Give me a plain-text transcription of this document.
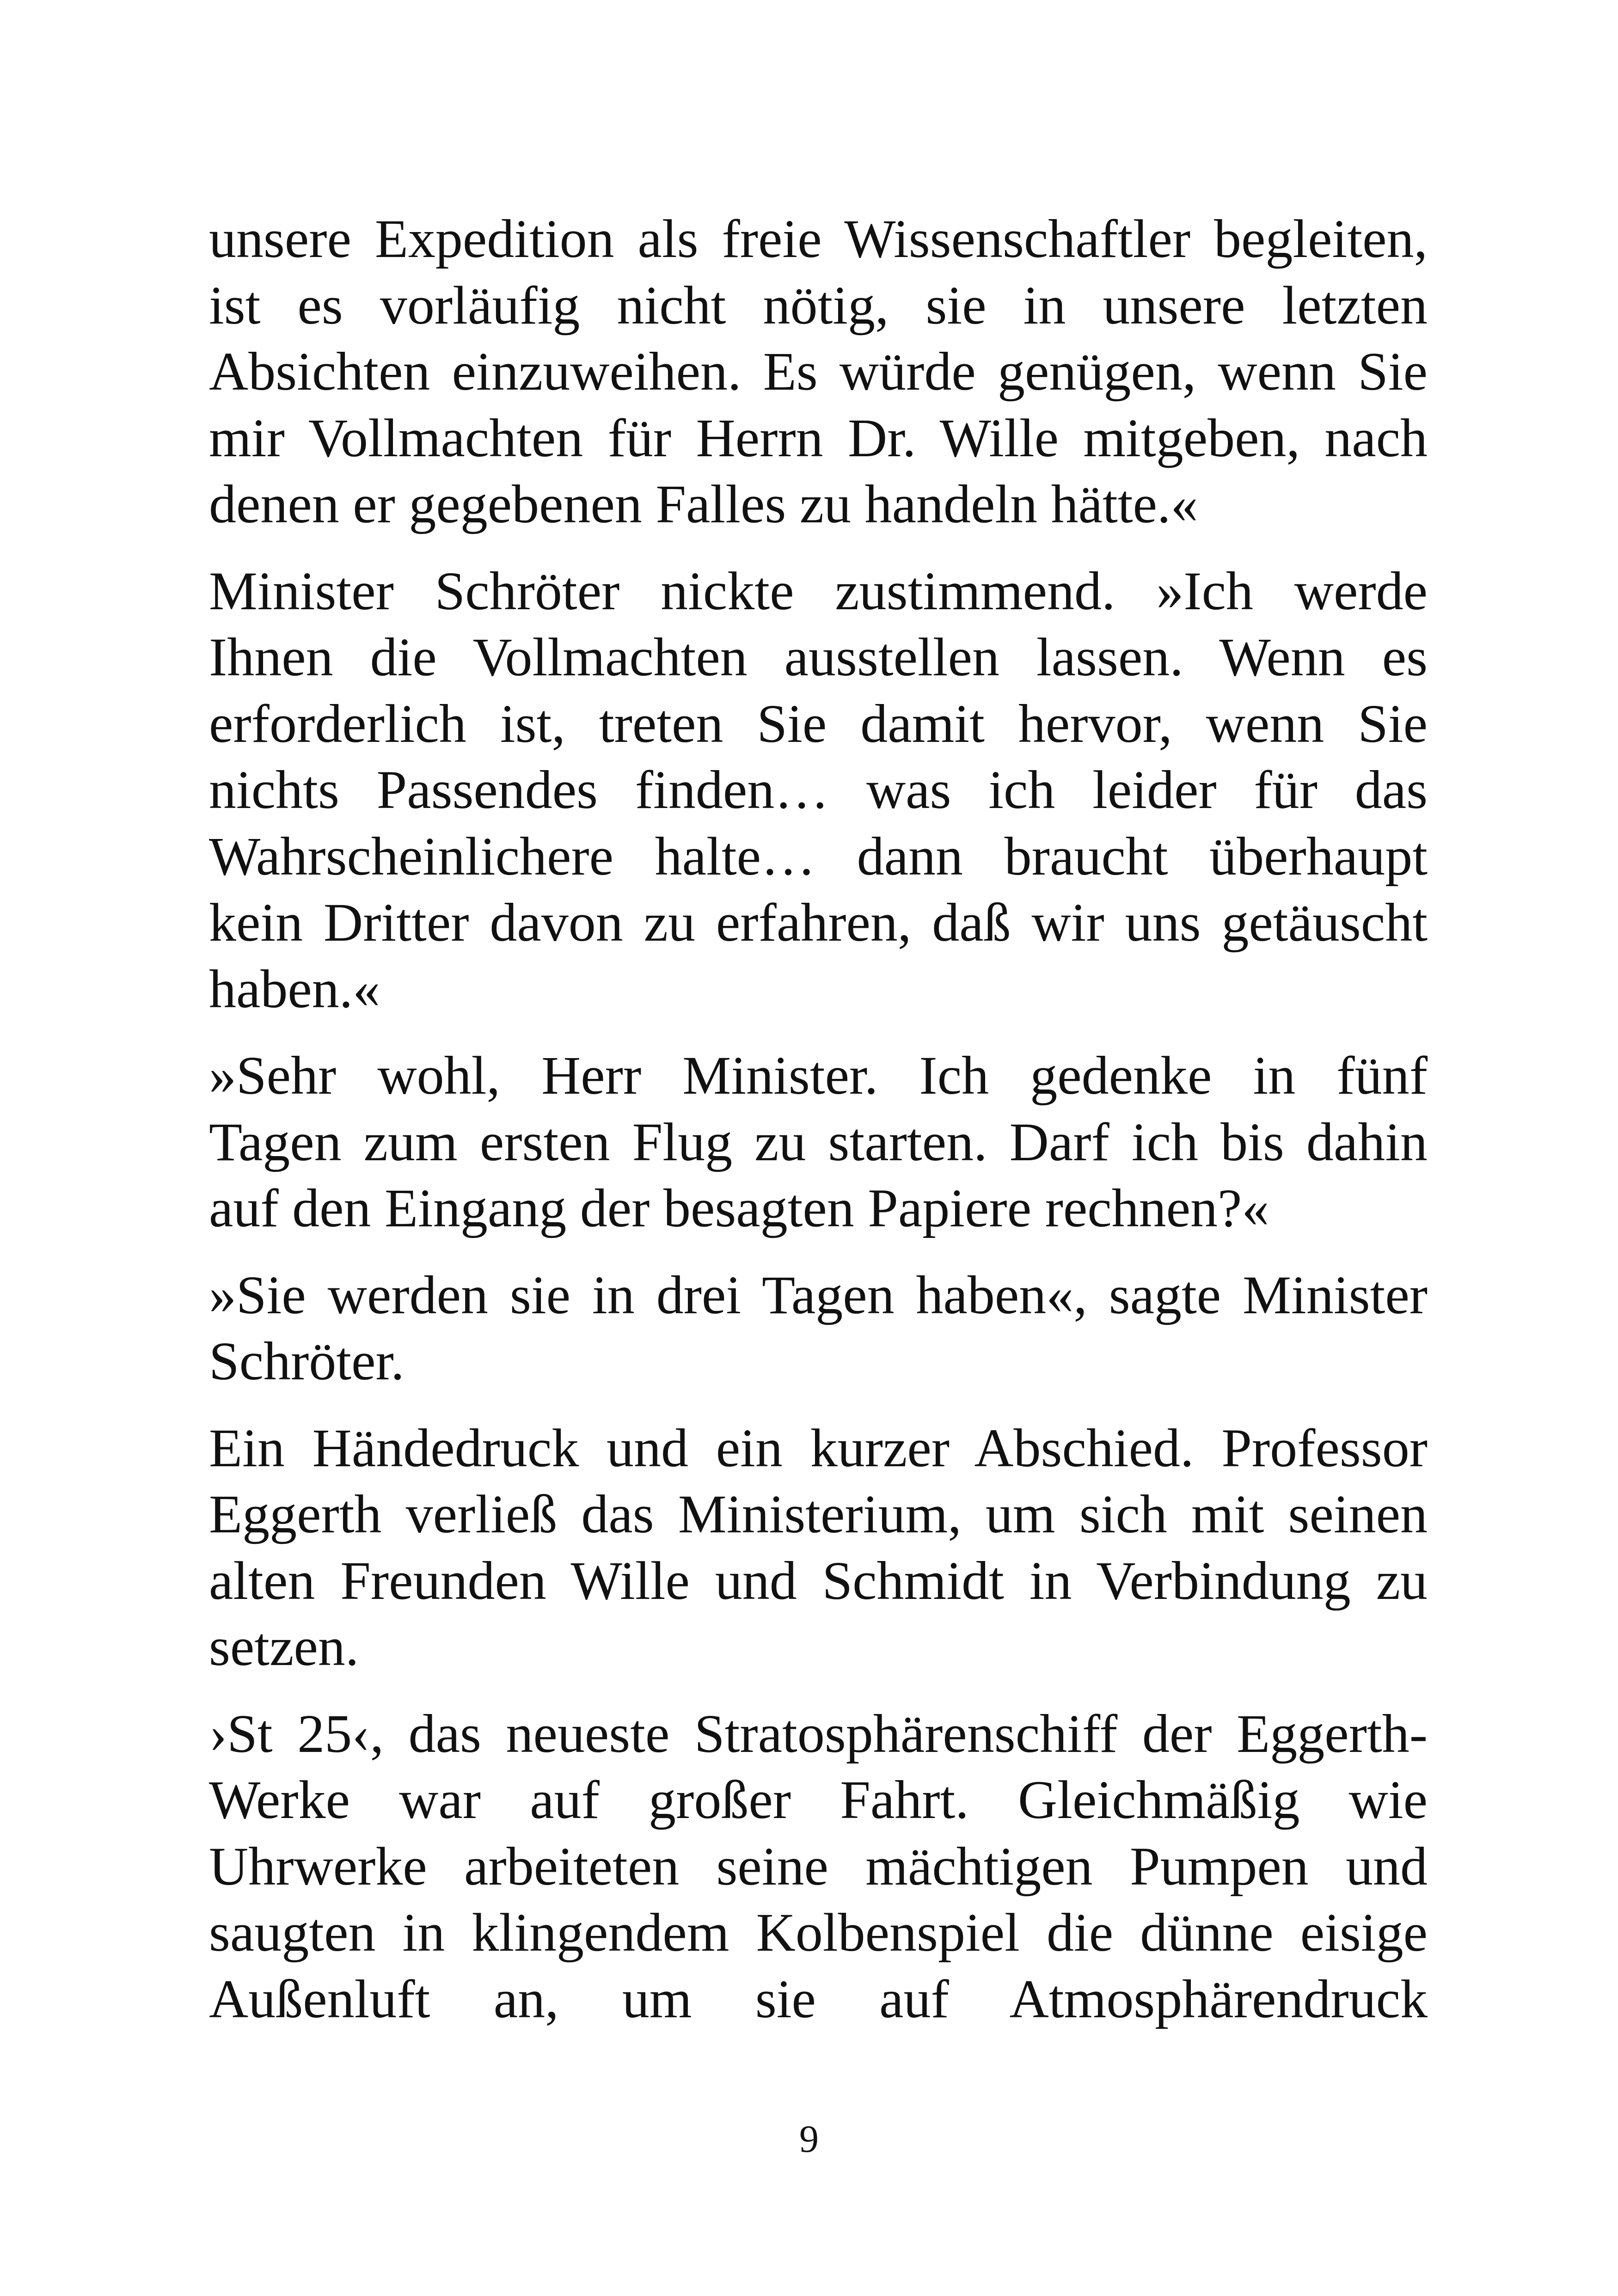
unsere Expedition als freie Wissenschaftler begleiten,
ist es vorläufig nicht nötig, sie in unsere letzten
Absichten einzuweihen. Es würde genügen, wenn Sie
mir Vollmachten für Herrn Dr. Wille mitgeben, nach
denen er gegebenen Falles zu handeln hätte.«

Minister Schröter nickte zustimmend. »Ich werde
Ihnen die Vollmachten ausstellen lassen. Wenn es
erforderlich ist, treten Sie damit hervor, wenn Sie
nichts Passendes finden… was ich leider für das
Wahrscheinlichere halte… dann braucht überhaupt
kein Dritter davon zu erfahren, daß wir uns getäuscht
haben.«

»Sehr wohl, Herr Minister. Ich gedenke in fünf
Tagen zum ersten Flug zu starten. Darf ich bis dahin
auf den Eingang der besagten Papiere rechnen?«

»Sie werden sie in drei Tagen haben«, sagte Minister
Schröter.

Ein Händedruck und ein kurzer Abschied. Professor
Eggerth verließ das Ministerium, um sich mit seinen
alten Freunden Wille und Schmidt in Verbindung zu
setzen.

›St 25‹, das neueste Stratosphärenschiff der Eggerth-
Werke war auf großer Fahrt. Gleichmäßig wie
Uhrwerke arbeiteten seine mächtigen Pumpen und
saugten in klingendem Kolbenspiel die dünne eisige
Außenluft an, um sie auf Atmosphärendruck

9
